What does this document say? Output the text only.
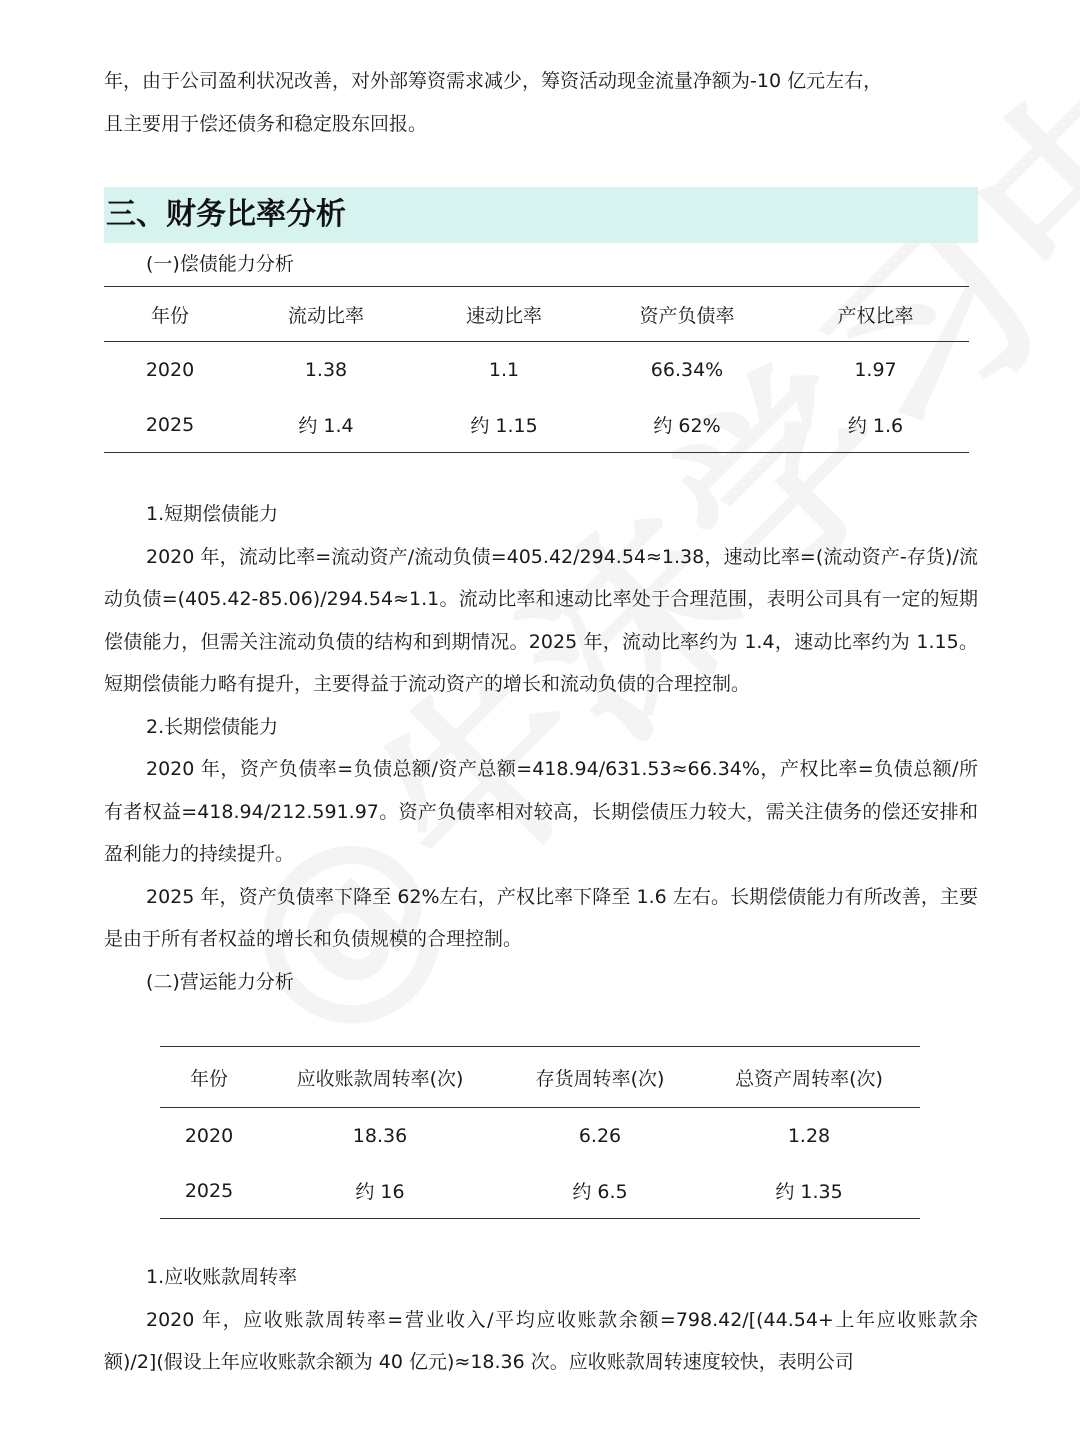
年，由于公司盈利状况改善，对外部筹资需求减少，筹资活动现金流量净额为-10 亿元左右，

且主要用于偿还债务和稳定股东回报。

三、财务比率分析

(一)偿债能力分析

年份	流动比率	速动比率	资产负债率	产权比率
2020	1.38	1.1	66.34%	1.97
2025	约 1.4	约 1.15	约 62%	约 1.6

1.短期偿债能力

2020 年，流动比率=流动资产/流动负债=405.42/294.54≈1.38，速动比率=(流动资产-存货)/流动负债=(405.42-85.06)/294.54≈1.1。流动比率和速动比率处于合理范围，表明公司具有一定的短期偿债能力，但需关注流动负债的结构和到期情况。2025 年，流动比率约为 1.4，速动比率约为 1.15。短期偿债能力略有提升，主要得益于流动资产的增长和流动负债的合理控制。

2.长期偿债能力

2020 年，资产负债率=负债总额/资产总额=418.94/631.53≈66.34%，产权比率=负债总额/所有者权益=418.94/212.591.97。资产负债率相对较高，长期偿债压力较大，需关注债务的偿还安排和盈利能力的持续提升。

2025 年，资产负债率下降至 62%左右，产权比率下降至 1.6 左右。长期偿债能力有所改善，主要是由于所有者权益的增长和负债规模的合理控制。

(二)营运能力分析

年份	应收账款周转率(次)	存货周转率(次)	总资产周转率(次)
2020	18.36	6.26	1.28
2025	约 16	约 6.5	约 1.35

1.应收账款周转率

2020 年，应收账款周转率=营业收入/平均应收账款余额=798.42/[(44.54+上年应收账款余额)/2](假设上年应收账款余额为 40 亿元)≈18.36 次。应收账款周转速度较快，表明公司
